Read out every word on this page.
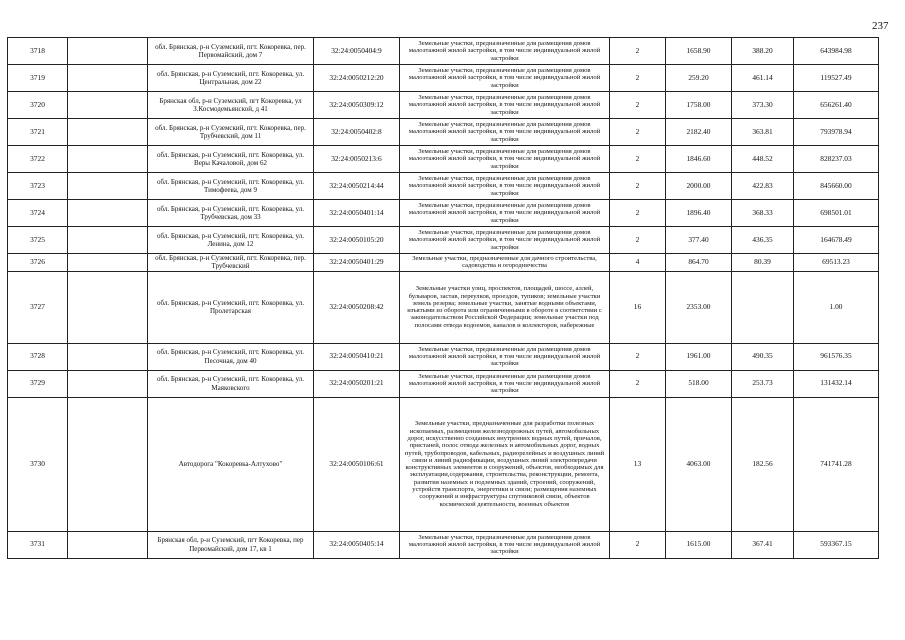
237
3718		обл. Брянская, р-н Суземский, пгт. Кокоревка, пер. Первомайский, дом 7	32:24:0050404:9	Земельные участки, предназначенные для размещения домов малоэтажной жилой застройки, в том числе индивидуальной жилой застройки	2	1658.90	388.20	643984.98
3719		обл. Брянская, р-н Суземский, пгт. Кокоревка, ул. Центральная, дом 22	32:24:0050212:20	Земельные участки, предназначенные для размещения домов малоэтажной жилой застройки, в том числе индивидуальной жилой застройки	2	259.20	461.14	119527.49
3720		Брянская обл, р-н Суземский, пгт Кокоревка, ул З.Космодемьянской, д 41	32:24:0050309:12	Земельные участки, предназначенные для размещения домов малоэтажной жилой застройки, в том числе индивидуальной жилой застройки	2	1758.00	373.30	656261.40
3721		обл. Брянская, р-н Суземский, пгт. Кокоревка, пер. Трубчевский, дом 11	32:24:0050402:8	Земельные участки, предназначенные для размещения домов малоэтажной жилой застройки, в том числе индивидуальной жилой застройки	2	2182.40	363.81	793978.94
3722		обл. Брянская, р-н Суземский, пгт. Кокоревка, ул. Веры Качаловой, дом 62	32:24:0050213:6	Земельные участки, предназначенные для размещения домов малоэтажной жилой застройки, в том числе индивидуальной жилой застройки	2	1846.60	448.52	828237.03
3723		обл. Брянская, р-н Суземский, пгт. Кокоревка, ул. Тимофеева, дом 9	32:24:0050214:44	Земельные участки, предназначенные для размещения домов малоэтажной жилой застройки, в том числе индивидуальной жилой застройки	2	2000.00	422.83	845660.00
3724		обл. Брянская, р-н Суземский, пгт. Кокоревка, ул. Трубчевская, дом 33	32:24:0050401:14	Земельные участки, предназначенные для размещения домов малоэтажной жилой застройки, в том числе индивидуальной жилой застройки	2	1896.40	368.33	698501.01
3725		обл. Брянская, р-н Суземский, пгт. Кокоревка, ул. Ленина, дом 12	32:24:0050105:20	Земельные участки, предназначенные для размещения домов малоэтажной жилой застройки, в том числе индивидуальной жилой застройки	2	377.40	436.35	164678.49
3726		обл. Брянская, р-н Суземский, пгт. Кокоревка, пер. Трубчевский	32:24:0050401:29	Земельные участки, предназначенные для дачного строительства, садоводства и огородничества	4	864.70	80.39	69513.23
3727		обл. Брянская, р-н Суземский, пгт. Кокоревка, ул. Пролетарская	32:24:0050208:42	Земельные участки улиц, проспектов, площадей, шоссе, аллей, бульваров, застав, переулков, проездов, тупиков; земельные участки земель резерва; земельные участки, занятые водными объектами, изъятыми из оборота или ограниченными в обороте в соответствии с законодательством Российской Федерации; земельные участки под полосами отвода водоемов, каналов и коллекторов, набережные	16	2353.00		1.00
3728		обл. Брянская, р-н Суземский, пгт. Кокоревка, ул. Песочная, дом 40	32:24:0050410:21	Земельные участки, предназначенные для размещения домов малоэтажной жилой застройки, в том числе индивидуальной жилой застройки	2	1961.00	490.35	961576.35
3729		обл. Брянская, р-н Суземский, пгт. Кокоревка, ул. Маяковского	32:24:0050201:21	Земельные участки, предназначенные для размещения домов малоэтажной жилой застройки, в том числе индивидуальной жилой застройки	2	518.00	253.73	131432.14
3730		Автодорога "Кокоревка-Алтухово"	32:24:0050106:61	Земельные участки, предназначенные для разработки полезных ископаемых, размещения железнодорожных путей, автомобильных дорог, искусственно созданных внутренних водных путей, причалов, пристаней, полос отвода железных и автомобильных дорог, водных путей, трубопроводов, кабельных, радиорелейных и воздушных линий связи и линий радиофикации, воздушных линий электропередачи конструктивных элементов и сооружений, объектов, необходимых для эксплуатации,содержания, строительства, реконструкции, ремонта, развития наземных и подземных зданий, строений, сооружений, устройств транспорта, энергетики и связи; размещения наземных сооружений и инфраструктуры спутниковой связи, объектов космической деятельности, военных объектов	13	4063.00	182.56	741741.28
3731		Брянская обл, р-н Суземский, пгт Кокоревка, пер Первомайский, дом 17, кв 1	32:24:0050405:14	Земельные участки, предназначенные для размещения домов малоэтажной жилой застройки, в том числе индивидуальной жилой застройки	2	1615.00	367.41	593367.15
